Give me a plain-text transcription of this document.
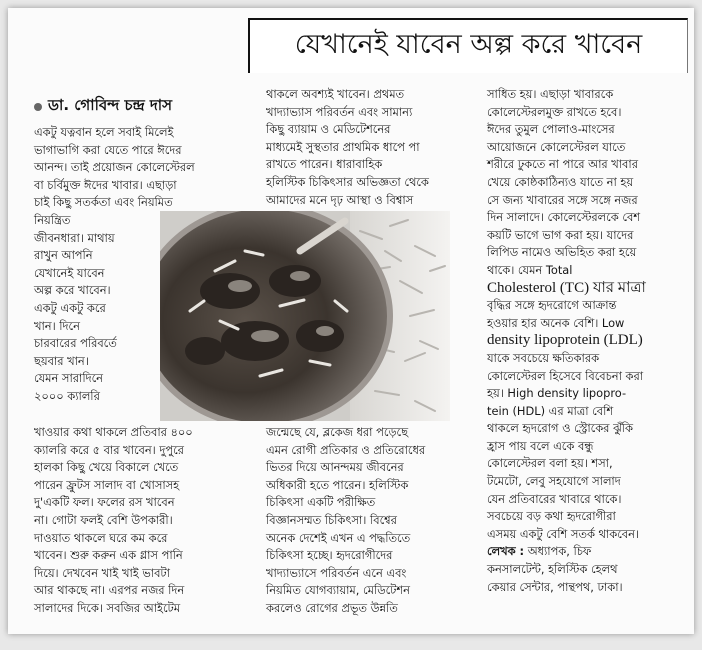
যেখানেই যাবেন অল্প করে খাবেন
ডা. গোবিন্দ চন্দ্র দাস

একটু যত্নবান হলে সবাই মিলেই

ভাগাভাগি করা যেতে পারে ঈদের

আনন্দ। তাই প্রয়োজন কোলেস্টেরল

বা চর্বিমুক্ত ঈদের খাবার। এছাড়া

চাই কিছু সতর্কতা এবং নিয়মিত

নিয়ন্ত্রিত

জীবনধারা। মাথায়

রাখুন আপনি

যেখানেই যাবেন

অল্প করে খাবেন।

একটু একটু করে

খান। দিনে

চারবারের পরিবর্তে

ছয়বার খান।

যেমন সারাদিনে

২০০০ ক্যালরি

খাওয়ার কথা থাকলে প্রতিবার ৪০০

ক্যালরি করে ৫ বার খাবেন। দুপুরে

হালকা কিছু খেয়ে বিকালে খেতে

পারেন ফ্রুটস সালাদ বা খোসাসহ

দু'একটি ফল। ফলের রস খাবেন

না। গোটা ফলই বেশি উপকারী।

দাওয়াত থাকলে ঘরে কম করে

খাবেন। শুরু করুন এক গ্লাস পানি

দিয়ে। দেখবেন খাই খাই ভাবটা

আর থাকছে না। এরপর নজর দিন

সালাদের দিকে। সবজির আইটেম

থাকলে অবশ্যই খাবেন। প্রথমত

খাদ্যাভ্যাস পরিবর্তন এবং সামান্য

কিছু ব্যায়াম ও মেডিটেশনের

মাধ্যমেই সুস্থতার প্রাথমিক ধাপে পা

রাখতে পারেন। ধারাবাহিক

হলিস্টিক চিকিৎসার অভিজ্ঞতা থেকে

আমাদের মনে দৃঢ় আস্থা ও বিশ্বাস

জন্মেছে যে, ব্লকেজ ধরা পড়েছে

এমন রোগী প্রতিকার ও প্রতিরোধের

ভিতর দিয়ে আনন্দময় জীবনের

অধিকারী হতে পারেন। হলিস্টিক

চিকিৎসা একটি পরীক্ষিত

বিজ্ঞানসম্মত চিকিৎসা। বিশ্বের

অনেক দেশেই এখন এ পদ্ধতিতে

চিকিৎসা হচ্ছে। হৃদরোগীদের

খাদ্যাভ্যাসে পরিবর্তন এনে এবং

নিয়মিত যোগব্যায়াম, মেডিটেশন

করলেও রোগের প্রভূত উন্নতি

সাধিত হয়। এছাড়া খাবারকে

কোলেস্টেরলমুক্ত রাখতে হবে।

ঈদের তুমুল পোলাও-মাংসের

আয়োজনে কোলেস্টেরল যাতে

শরীরে ঢুকতে না পারে আর খাবার

খেয়ে কোষ্ঠকাঠিন্যও যাতে না হয়

সে জন্য খাবারের সঙ্গে সঙ্গে নজর

দিন সালাদে। কোলেস্টেরলকে বেশ

কয়টি ভাগে ভাগ করা হয়। যাদের

লিপিড নামেও অভিহিত করা হয়ে

থাকে। যেমন Total

Cholesterol (TC) যার মাত্রা

বৃদ্ধির সঙ্গে হৃদরোগে আক্রান্ত

হওয়ার হার অনেক বেশি। Low

density lipoprotein (LDL)

যাকে সবচেয়ে ক্ষতিকারক

কোলেস্টেরল হিসেবে বিবেচনা করা

হয়। High density lipopro-

tein (HDL) এর মাত্রা বেশি

থাকলে হৃদরোগ ও স্ট্রোকের ঝুঁকি

হ্রাস পায় বলে একে বন্ধু

কোলেস্টেরল বলা হয়। শসা,

টমেটো, লেবু সহযোগে সালাদ

যেন প্রতিবারের খাবারে থাকে।

সবচেয়ে বড় কথা হৃদরোগীরা

এসময় একটু বেশি সতর্ক থাকবেন।

লেখক : অধ্যাপক, চিফ

কনসালটেন্ট, হলিস্টিক হেলথ

কেয়ার সেন্টার, পান্থপথ, ঢাকা।
